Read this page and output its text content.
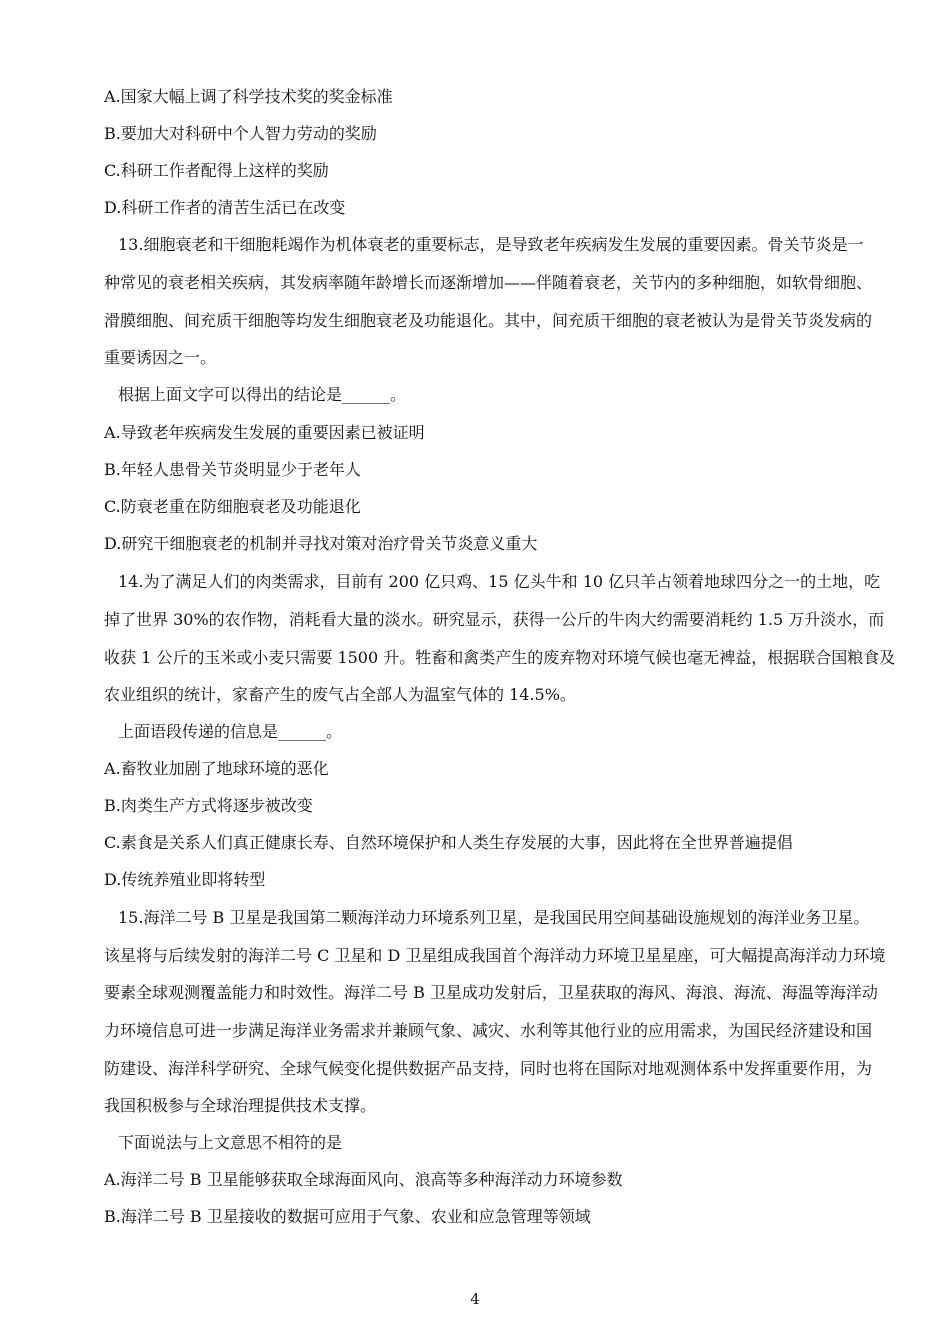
A.国家大幅上调了科学技术奖的奖金标准
B.要加大对科研中个人智力劳动的奖励
C.科研工作者配得上这样的奖励
D.科研工作者的清苦生活已在改变
13.细胞衰老和干细胞耗竭作为机体衰老的重要标志，是导致老年疾病发生发展的重要因素。骨关节炎是一
种常见的衰老相关疾病，其发病率随年龄增长而逐渐增加——伴随着衰老，关节内的多种细胞，如软骨细胞、
滑膜细胞、间充质干细胞等均发生细胞衰老及功能退化。其中，间充质干细胞的衰老被认为是骨关节炎发病的
重要诱因之一。
根据上面文字可以得出的结论是______。
A.导致老年疾病发生发展的重要因素已被证明
B.年轻人患骨关节炎明显少于老年人
C.防衰老重在防细胞衰老及功能退化
D.研究干细胞衰老的机制并寻找对策对治疗骨关节炎意义重大
14.为了满足人们的肉类需求，目前有 200 亿只鸡、15 亿头牛和 10 亿只羊占领着地球四分之一的土地，吃
掉了世界 30%的农作物，消耗看大量的淡水。研究显示，获得一公斤的牛肉大约需要消耗约 1.5 万升淡水，而
收获 1 公斤的玉米或小麦只需要 1500 升。牲畜和禽类产生的废弃物对环境气候也毫无裨益，根据联合国粮食及
农业组织的统计，家畜产生的废气占全部人为温室气体的 14.5%。
上面语段传递的信息是______。
A.畜牧业加剧了地球环境的恶化
B.肉类生产方式将逐步被改变
C.素食是关系人们真正健康长寿、自然环境保护和人类生存发展的大事，因此将在全世界普遍提倡
D.传统养殖业即将转型
15.海洋二号 B 卫星是我国第二颗海洋动力环境系列卫星，是我国民用空间基础设施规划的海洋业务卫星。
该星将与后续发射的海洋二号 C 卫星和 D 卫星组成我国首个海洋动力环境卫星星座，可大幅提高海洋动力环境
要素全球观测覆盖能力和时效性。海洋二号 B 卫星成功发射后，卫星获取的海风、海浪、海流、海温等海洋动
力环境信息可进一步满足海洋业务需求并兼顾气象、减灾、水利等其他行业的应用需求，为国民经济建设和国
防建设、海洋科学研究、全球气候变化提供数据产品支持，同时也将在国际对地观测体系中发挥重要作用，为
我国积极参与全球治理提供技术支撑。
下面说法与上文意思不相符的是
A.海洋二号 B 卫星能够获取全球海面风向、浪高等多种海洋动力环境参数
B.海洋二号 B 卫星接收的数据可应用于气象、农业和应急管理等领域
4
